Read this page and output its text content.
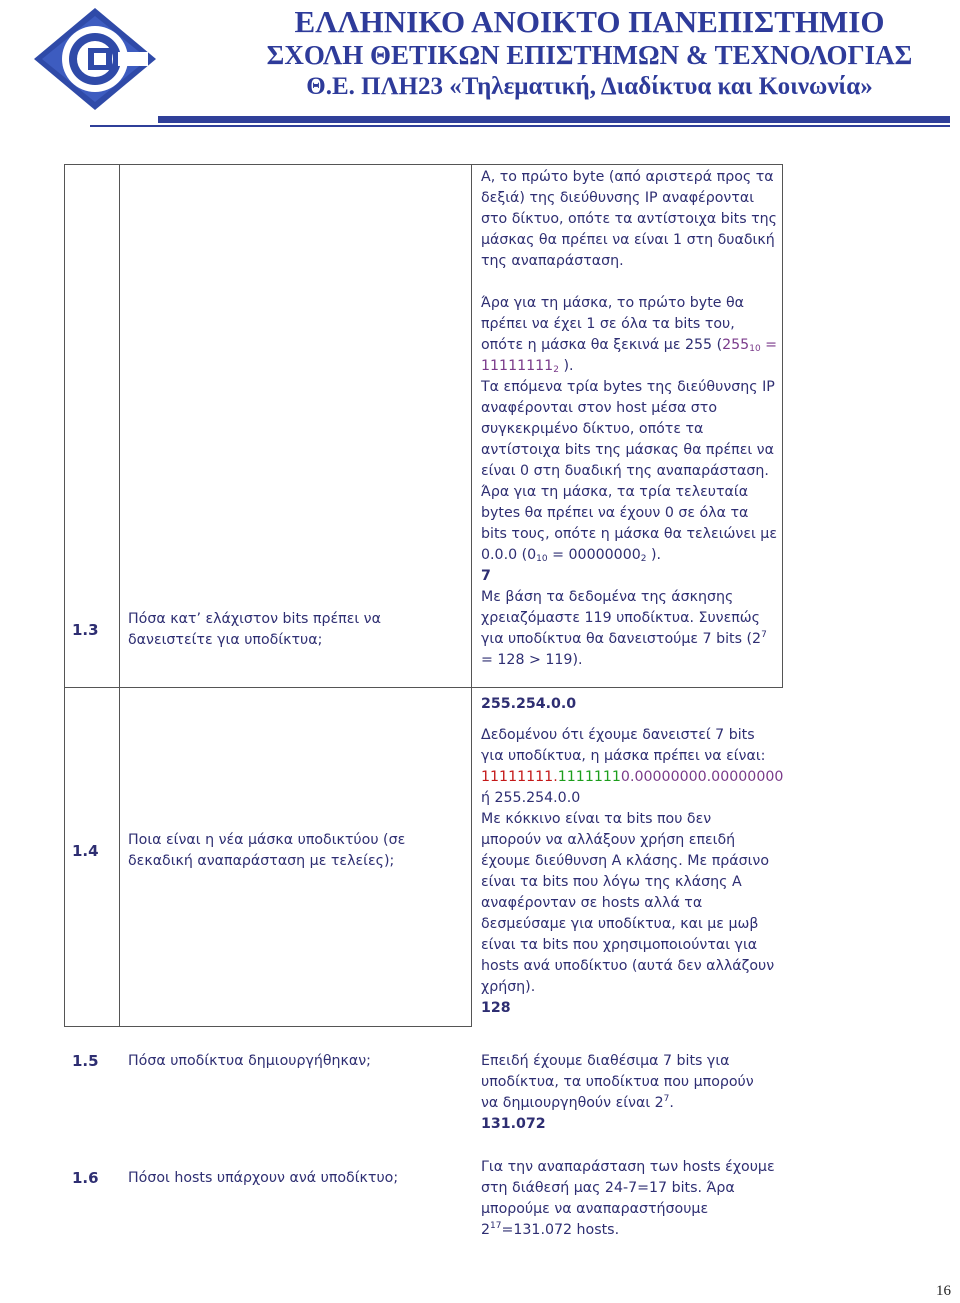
ΕΛΛΗΝΙΚΟ ΑΝΟΙΚΤΟ ΠΑΝΕΠΙΣΤΗΜΙΟ
ΣΧΟΛΗ ΘΕΤΙΚΩΝ ΕΠΙΣΤΗΜΩΝ & ΤΕΧΝΟΛΟΓΙΑΣ
Θ.Ε. ΠΛΗ23 «Τηλεματική, Διαδίκτυα και Κοινωνία»
1.3
Πόσα κατ’ ελάχιστον bits πρέπει να
δανειστείτε για υποδίκτυα;
Α, το πρώτο byte (από αριστερά προς τα
δεξιά) της διεύθυνσης IP αναφέρονται
στο δίκτυο, οπότε τα αντίστοιχα bits της
μάσκας θα πρέπει να είναι 1 στη δυαδική
της αναπαράσταση.
Άρα για τη μάσκα, το πρώτο byte θα
πρέπει να έχει 1 σε όλα τα bits του,
οπότε η μάσκα θα ξεκινά με 255 ($255_{10}$ =
$11111111_2$ ).
Τα επόμενα τρία bytes της διεύθυνσης IP
αναφέρονται στον host μέσα στο
συγκεκριμένο δίκτυο, οπότε τα
αντίστοιχα bits της μάσκας θα πρέπει να
είναι 0 στη δυαδική της αναπαράσταση.
Άρα για τη μάσκα, τα τρία τελευταία
bytes θα πρέπει να έχουν 0 σε όλα τα
bits τους, οπότε η μάσκα θα τελειώνει με
0.0.0 ($0_{10} = 00000000_2$ ).
7
Με βάση τα δεδομένα της άσκησης
χρειαζόμαστε 119 υποδίκτυα. Συνεπώς
για υποδίκτυα θα δανειστούμε 7 bits ($2^7$
= 128 > 119).
1.4
Ποια είναι η νέα μάσκα υποδικτύου (σε
δεκαδική αναπαράσταση με τελείες);
255.254.0.0
Δεδομένου ότι έχουμε δανειστεί 7 bits
για υποδίκτυα, η μάσκα πρέπει να είναι:
11111111.11111110.00000000.00000000
ή 255.254.0.0
Με κόκκινο είναι τα bits που δεν
μπορούν να αλλάξουν χρήση επειδή
έχουμε διεύθυνση Α κλάσης. Με πράσινο
είναι τα bits που λόγω της κλάσης Α
αναφέρονταν σε hosts αλλά τα
δεσμεύσαμε για υποδίκτυα, και με μωβ
είναι τα bits που χρησιμοποιούνται για
hosts ανά υποδίκτυο (αυτά δεν αλλάζουν
χρήση).
128
1.5 Πόσα υποδίκτυα δημιουργήθηκαν;	Επειδή έχουμε διαθέσιμα 7 bits για
υποδίκτυα, τα υποδίκτυα που μπορούν
να δημιουργηθούν είναι $2^7$.
131.072
1.6 Πόσοι hosts υπάρχουν ανά υποδίκτυο;
Για την αναπαράσταση των hosts έχουμε
στη διάθεσή μας 24-7=17 bits. Άρα
μπορούμε να αναπαραστήσουμε
$2^{17}=131.072$ hosts.
16
